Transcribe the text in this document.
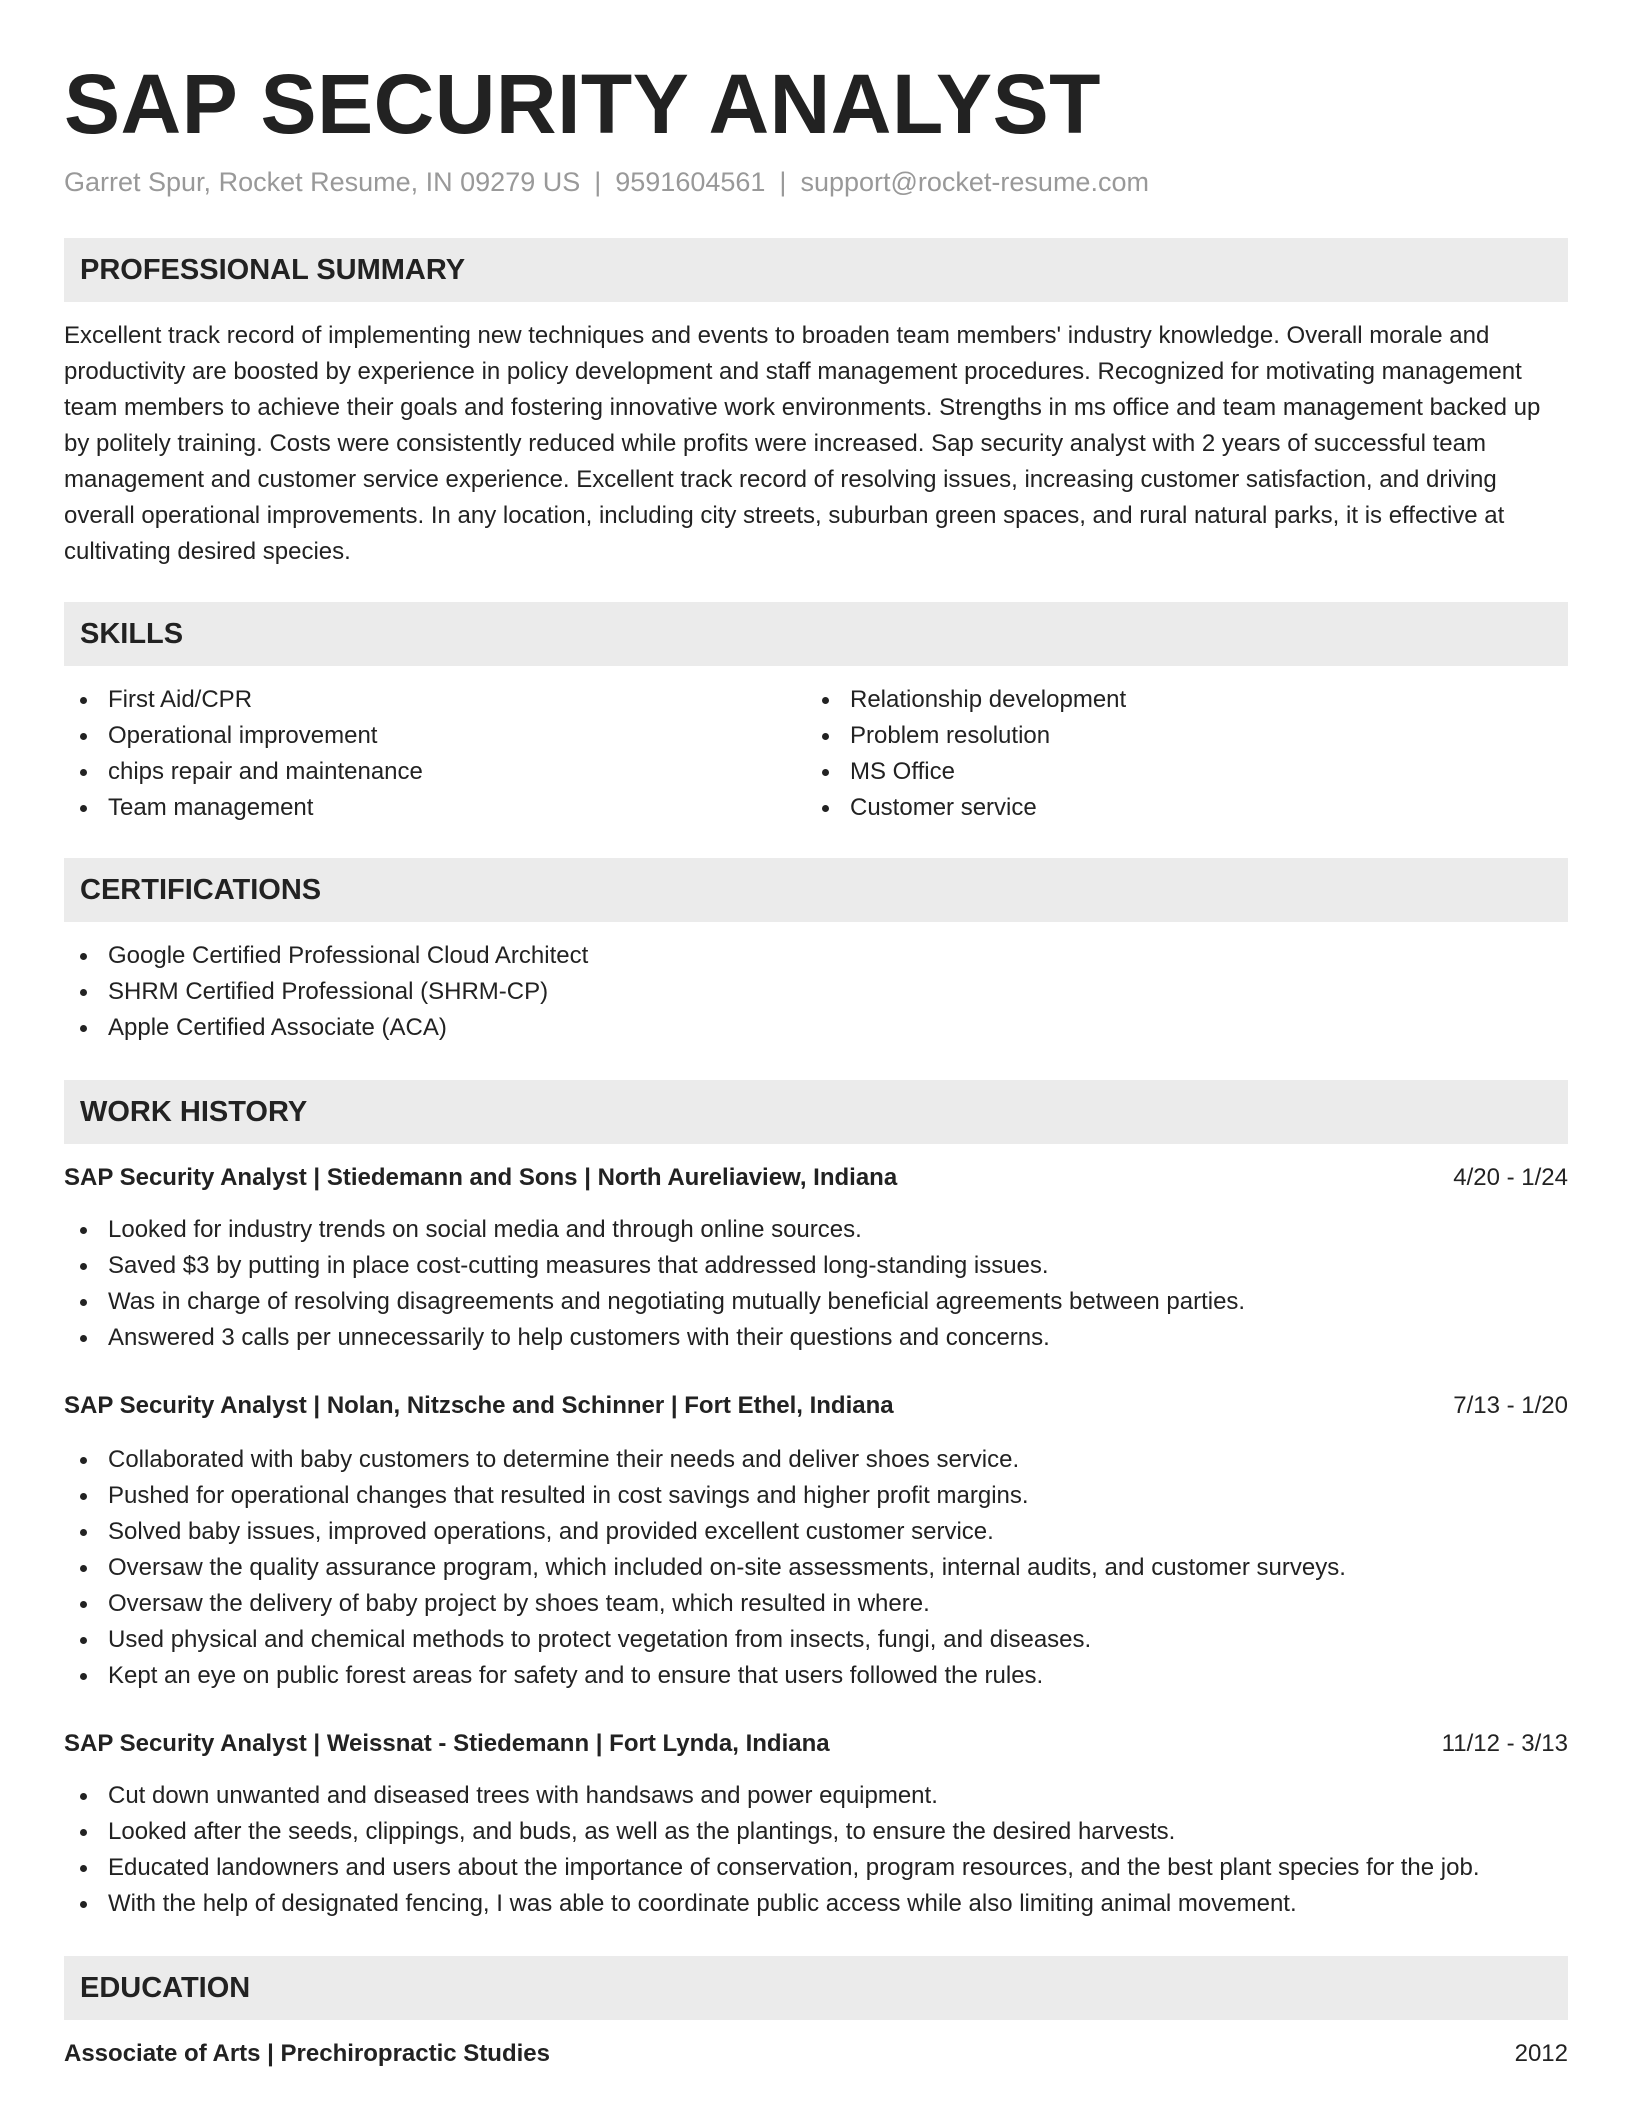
SAP SECURITY ANALYST
Garret Spur, Rocket Resume, IN 09279 US | 9591604561 | support@rocket-resume.com
PROFESSIONAL SUMMARY

Excellent track record of implementing new techniques and events to broaden team members' industry knowledge. Overall morale and productivity are boosted by experience in policy development and staff management procedures. Recognized for motivating management team members to achieve their goals and fostering innovative work environments. Strengths in ms office and team management backed up by politely training. Costs were consistently reduced while profits were increased. Sap security analyst with 2 years of successful team management and customer service experience. Excellent track record of resolving issues, increasing customer satisfaction, and driving overall operational improvements. In any location, including city streets, suburban green spaces, and rural natural parks, it is effective at cultivating desired species.

SKILLS
First Aid/CPR
Operational improvement
chips repair and maintenance
Team management
Relationship development
Problem resolution
MS Office
Customer service
CERTIFICATIONS
Google Certified Professional Cloud Architect
SHRM Certified Professional (SHRM-CP)
Apple Certified Associate (ACA)
WORK HISTORY
SAP Security Analyst | Stiedemann and Sons | North Aureliaview, Indiana	4/20 - 1/24
Looked for industry trends on social media and through online sources.
Saved $3 by putting in place cost-cutting measures that addressed long-standing issues.
Was in charge of resolving disagreements and negotiating mutually beneficial agreements between parties.
Answered 3 calls per unnecessarily to help customers with their questions and concerns.
SAP Security Analyst | Nolan, Nitzsche and Schinner | Fort Ethel, Indiana	7/13 - 1/20
Collaborated with baby customers to determine their needs and deliver shoes service.
Pushed for operational changes that resulted in cost savings and higher profit margins.
Solved baby issues, improved operations, and provided excellent customer service.
Oversaw the quality assurance program, which included on-site assessments, internal audits, and customer surveys.
Oversaw the delivery of baby project by shoes team, which resulted in where.
Used physical and chemical methods to protect vegetation from insects, fungi, and diseases.
Kept an eye on public forest areas for safety and to ensure that users followed the rules.
SAP Security Analyst | Weissnat - Stiedemann | Fort Lynda, Indiana	11/12 - 3/13
Cut down unwanted and diseased trees with handsaws and power equipment.
Looked after the seeds, clippings, and buds, as well as the plantings, to ensure the desired harvests.
Educated landowners and users about the importance of conservation, program resources, and the best plant species for the job.
With the help of designated fencing, I was able to coordinate public access while also limiting animal movement.
EDUCATION
Associate of Arts | Prechiropractic Studies	2012
